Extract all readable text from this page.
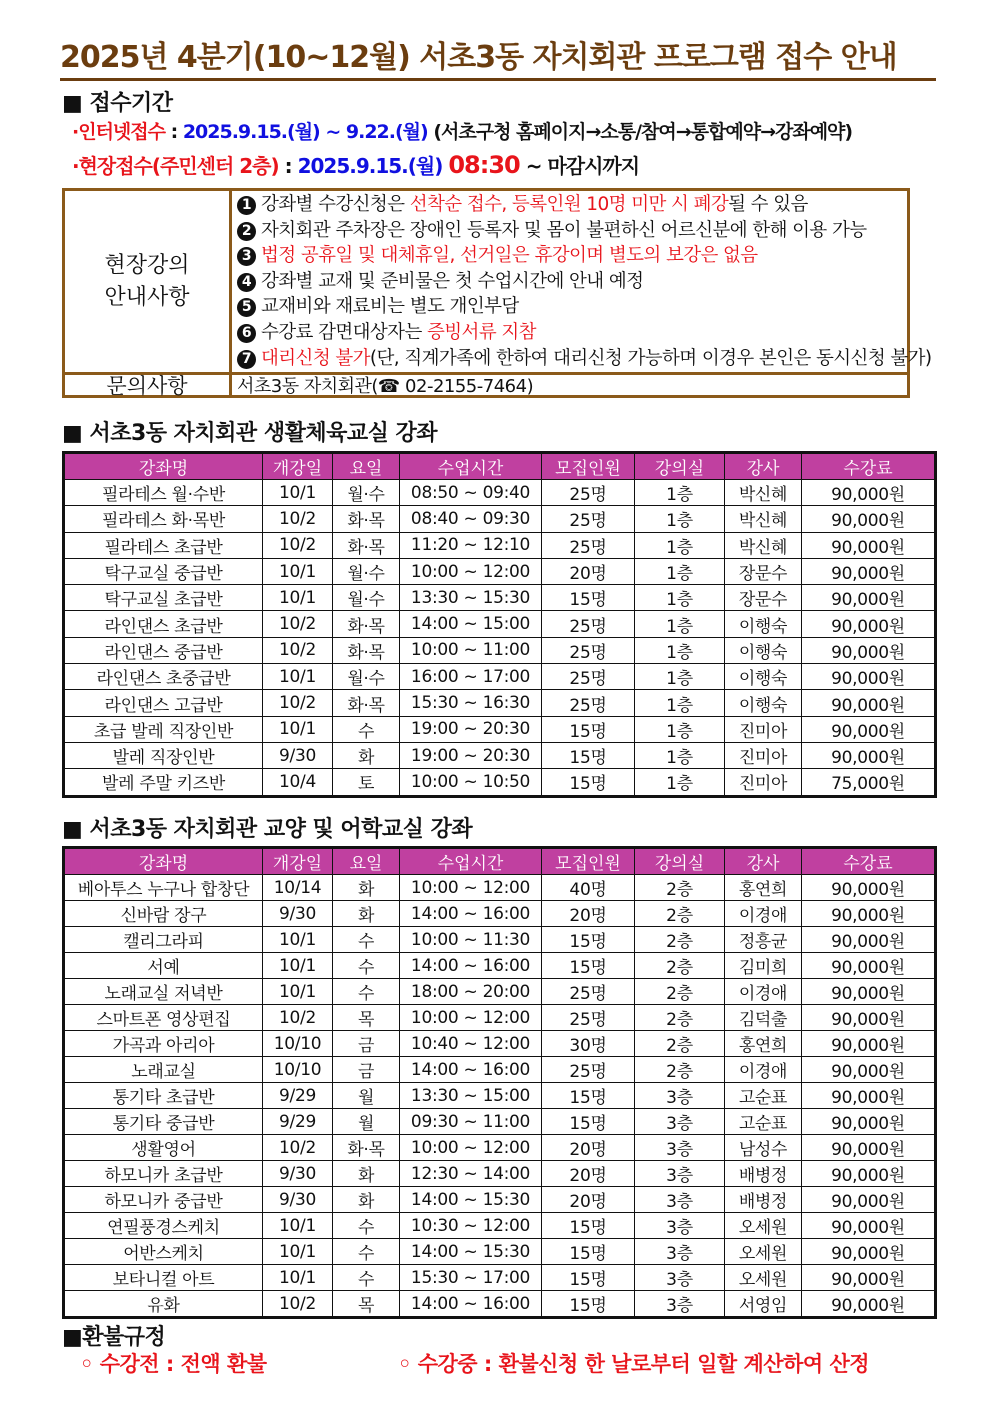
2025년 4분기(10~12월) 서초3동 자치회관 프로그램 접수 안내
■ 접수기간
·인터넷접수 : 2025.9.15.(월) ~ 9.22.(월) (서초구청 홈페이지→소통/참여→통합예약→강좌예약)
·현장접수(주민센터 2층) : 2025.9.15.(월) 08:30 ~ 마감시까지
현장강의
안내사항
1 강좌별 수강신청은 선착순 접수, 등록인원 10명 미만 시 폐강될 수 있음
2 자치회관 주차장은 장애인 등록자 및 몸이 불편하신 어르신분에 한해 이용 가능
3 법정 공휴일 및 대체휴일, 선거일은 휴강이며 별도의 보강은 없음
4 강좌별 교재 및 준비물은 첫 수업시간에 안내 예정
5 교재비와 재료비는 별도 개인부담
6 수강료 감면대상자는 증빙서류 지참
7 대리신청 불가(단, 직계가족에 한하여 대리신청 가능하며 이경우 본인은 동시신청 불가)
문의사항	서초3동 자치회관(☎ 02-2155-7464)
■ 서초3동 자치회관 생활체육교실 강좌
강좌명	개강일	요일	수업시간	모집인원	강의실	강사	수강료
필라테스 월·수반	10/1	월·수	08:50 ~ 09:40	25명	1층	박신혜	90,000원
필라테스 화·목반	10/2	화·목	08:40 ~ 09:30	25명	1층	박신혜	90,000원
필라테스 초급반	10/2	화·목	11:20 ~ 12:10	25명	1층	박신혜	90,000원
탁구교실 중급반	10/1	월·수	10:00 ~ 12:00	20명	1층	장문수	90,000원
탁구교실 초급반	10/1	월·수	13:30 ~ 15:30	15명	1층	장문수	90,000원
라인댄스 초급반	10/2	화·목	14:00 ~ 15:00	25명	1층	이행숙	90,000원
라인댄스 중급반	10/2	화·목	10:00 ~ 11:00	25명	1층	이행숙	90,000원
라인댄스 초중급반	10/1	월·수	16:00 ~ 17:00	25명	1층	이행숙	90,000원
라인댄스 고급반	10/2	화·목	15:30 ~ 16:30	25명	1층	이행숙	90,000원
초급 발레 직장인반	10/1	수	19:00 ~ 20:30	15명	1층	진미아	90,000원
발레 직장인반	9/30	화	19:00 ~ 20:30	15명	1층	진미아	90,000원
발레 주말 키즈반	10/4	토	10:00 ~ 10:50	15명	1층	진미아	75,000원
■ 서초3동 자치회관 교양 및 어학교실 강좌
강좌명	개강일	요일	수업시간	모집인원	강의실	강사	수강료
베아투스 누구나 합창단	10/14	화	10:00 ~ 12:00	40명	2층	홍연희	90,000원
신바람 장구	9/30	화	14:00 ~ 16:00	20명	2층	이경애	90,000원
캘리그라피	10/1	수	10:00 ~ 11:30	15명	2층	정흥균	90,000원
서예	10/1	수	14:00 ~ 16:00	15명	2층	김미희	90,000원
노래교실 저녁반	10/1	수	18:00 ~ 20:00	25명	2층	이경애	90,000원
스마트폰 영상편집	10/2	목	10:00 ~ 12:00	25명	2층	김덕출	90,000원
가곡과 아리아	10/10	금	10:40 ~ 12:00	30명	2층	홍연희	90,000원
노래교실	10/10	금	14:00 ~ 16:00	25명	2층	이경애	90,000원
통기타 초급반	9/29	월	13:30 ~ 15:00	15명	3층	고순표	90,000원
통기타 중급반	9/29	월	09:30 ~ 11:00	15명	3층	고순표	90,000원
생활영어	10/2	화·목	10:00 ~ 12:00	20명	3층	남성수	90,000원
하모니카 초급반	9/30	화	12:30 ~ 14:00	20명	3층	배병정	90,000원
하모니카 중급반	9/30	화	14:00 ~ 15:30	20명	3층	배병정	90,000원
연필풍경스케치	10/1	수	10:30 ~ 12:00	15명	3층	오세원	90,000원
어반스케치	10/1	수	14:00 ~ 15:30	15명	3층	오세원	90,000원
보타니컬 아트	10/1	수	15:30 ~ 17:00	15명	3층	오세원	90,000원
유화	10/2	목	14:00 ~ 16:00	15명	3층	서영임	90,000원
■환불규정
◦ 수강전 : 전액 환불	◦ 수강중 : 환불신청 한 날로부터 일할 계산하여 산정
